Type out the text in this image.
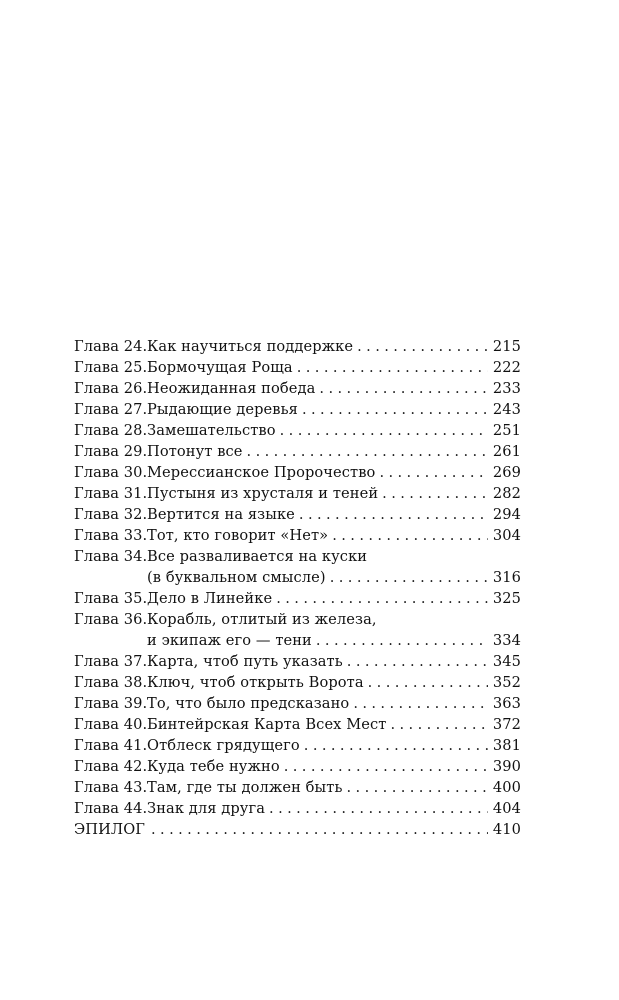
Глава 24. Как научиться поддержке .....	215
Глава 25. Бормочущая Роща .....	222
Глава 26. Неожиданная победа .....	233
Глава 27. Рыдающие деревья .....	243
Глава 28. Замешательство .....	251
Глава 29. Потонут все .....	261
Глава 30. Мерессианское Пророчество .....	269
Глава 31. Пустыня из хрусталя и теней .....	282
Глава 32. Вертится на языке .....	294
Глава 33. Тот, кто говорит «Нет» .....	304
Глава 34. Все разваливается на куски
(в буквальном смысле) .....	316
Глава 35. Дело в Линейке .....	325
Глава 36. Корабль, отлитый из железа,
и экипаж его — тени .....	334
Глава 37. Карта, чтоб путь указать .....	345
Глава 38. Ключ, чтоб открыть Ворота .....	352
Глава 39. То, что было предсказано .....	363
Глава 40. Бинтейрская Карта Всех Мест .....	372
Глава 41. Отблеск грядущего .....	381
Глава 42. Куда тебе нужно .....	390
Глава 43. Там, где ты должен быть .....	400
Глава 44. Знак для друга .....	404
ЭПИЛОГ .....	410
